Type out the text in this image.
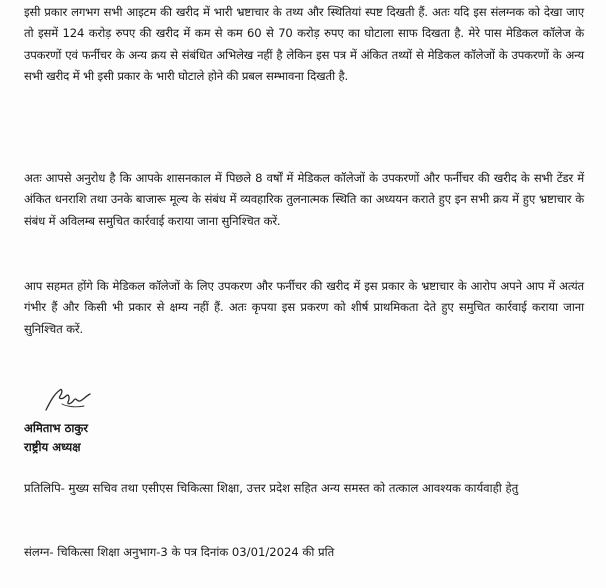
इसी प्रकार लगभग सभी आइटम की खरीद में भारी भ्रष्टाचार के तथ्य और स्थितियां स्पष्ट दिखती हैं. अतः यदि इस संलग्नक को देखा जाए तो इसमें 124 करोड़ रुपए की खरीद में कम से कम 60 से 70 करोड़ रुपए का घोटाला साफ दिखता है. मेरे पास मेडिकल कॉलेज के उपकरणों एवं फर्नीचर के अन्य क्रय से संबंधित अभिलेख नहीं है लेकिन इस पत्र में अंकित तथ्यों से मेडिकल कॉलेजों के उपकरणों के अन्य सभी खरीद में भी इसी प्रकार के भारी घोटाले होने की प्रबल सम्भावना दिखती है.

अतः आपसे अनुरोध है कि आपके शासनकाल में पिछले 8 वर्षों में मेडिकल कॉलेजों के उपकरणों और फर्नीचर की खरीद के सभी टेंडर में अंकित धनराशि तथा उनके बाजारू मूल्य के संबंध में व्यवहारिक तुलनात्मक स्थिति का अध्ययन कराते हुए इन सभी क्रय में हुए भ्रष्टाचार के संबंध में अविलम्ब समुचित कार्रवाई कराया जाना सुनिश्चित करें.

आप सहमत होंगे कि मेडिकल कॉलेजों के लिए उपकरण और फर्नीचर की खरीद में इस प्रकार के भ्रष्टाचार के आरोप अपने आप में अत्यंत गंभीर हैं और किसी भी प्रकार से क्षम्य नहीं हैं. अतः कृपया इस प्रकरण को शीर्ष प्राथमिकता देते हुए समुचित कार्रवाई कराया जाना सुनिश्चित करें.

अमिताभ ठाकुर
राष्ट्रीय अध्यक्ष

प्रतिलिपि- मुख्य सचिव तथा एसीएस चिकित्सा शिक्षा, उत्तर प्रदेश सहित अन्य समस्त को तत्काल आवश्यक कार्यवाही हेतु

संलग्न- चिकित्सा शिक्षा अनुभाग-3 के पत्र दिनांक 03/01/2024 की प्रति
